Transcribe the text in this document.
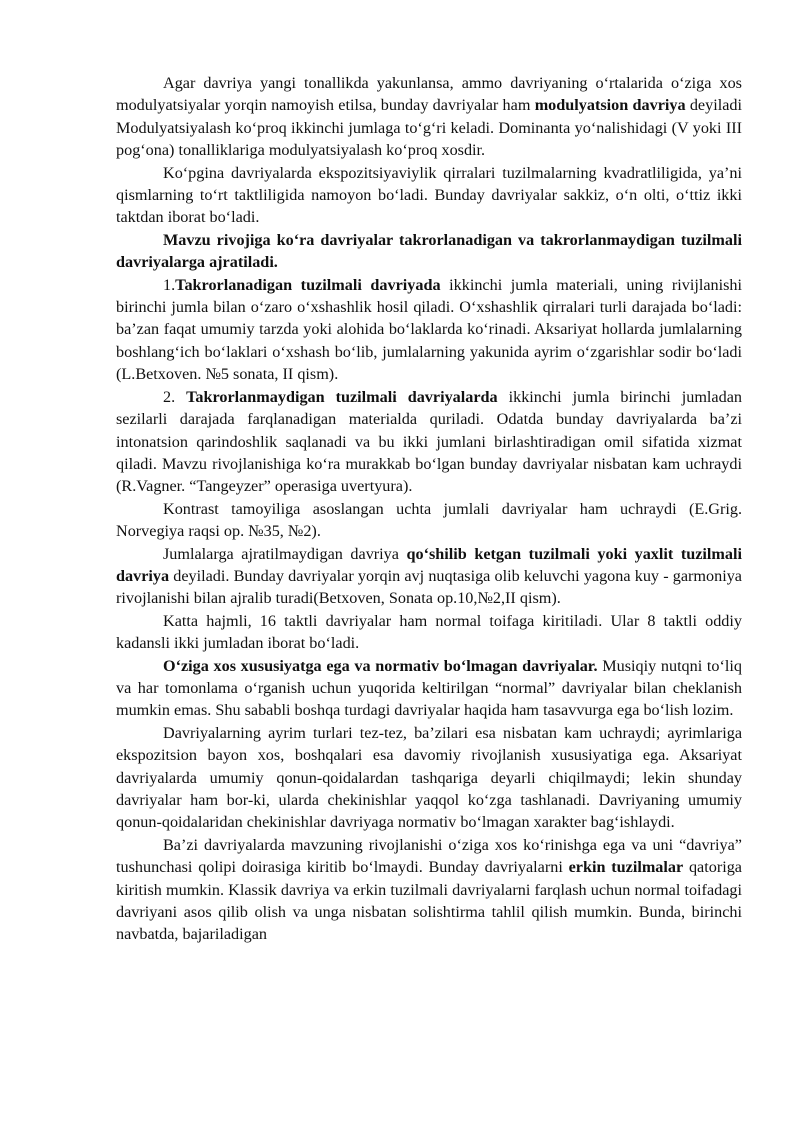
Agar davriya yangi tonallikda yakunlansa, ammo davriyaning o‘rtalarida o‘ziga xos modulyatsiyalar yorqin namoyish etilsa, bunday davriyalar ham modulyatsion davriya deyiladi Modulyatsiyalash ko‘proq ikkinchi jumlaga to‘g‘ri keladi. Dominanta yo‘nalishidagi (V yoki III pog‘ona) tonalliklariga modulyatsiyalash ko‘proq xosdir.

Ko‘pgina davriyalarda ekspozitsiyaviylik qirralari tuzilmalarning kvadratliligida, ya’ni qismlarning to‘rt taktliligida namoyon bo‘ladi. Bunday davriyalar sakkiz, o‘n olti, o‘ttiz ikki taktdan iborat bo‘ladi.

Mavzu rivojiga ko‘ra davriyalar takrorlanadigan va takrorlanmaydigan tuzilmali davriyalarga ajratiladi.

1.Takrorlanadigan tuzilmali davriyada ikkinchi jumla materiali, uning rivijlanishi birinchi jumla bilan o‘zaro o‘xshashlik hosil qiladi. O‘xshashlik qirralari turli darajada bo‘ladi: ba’zan faqat umumiy tarzda yoki alohida bo‘laklarda ko‘rinadi. Aksariyat hollarda jumlalarning boshlang‘ich bo‘laklari o‘xshash bo‘lib, jumlalarning yakunida ayrim o‘zgarishlar sodir bo‘ladi (L.Betxoven. №5 sonata, II qism).

2. Takrorlanmaydigan tuzilmali davriyalarda ikkinchi jumla birinchi jumladan sezilarli darajada farqlanadigan materialda quriladi. Odatda bunday davriyalarda ba’zi intonatsion qarindoshlik saqlanadi va bu ikki jumlani birlashtiradigan omil sifatida xizmat qiladi. Mavzu rivojlanishiga ko‘ra murakkab bo‘lgan bunday davriyalar nisbatan kam uchraydi (R.Vagner. “Tangeyzer” operasiga uvertyura).

Kontrast tamoyiliga asoslangan uchta jumlali davriyalar ham uchraydi (E.Grig. Norvegiya raqsi op. №35, №2).

Jumlalarga ajratilmaydigan davriya qo‘shilib ketgan tuzilmali yoki yaxlit tuzilmali davriya deyiladi. Bunday davriyalar yorqin avj nuqtasiga olib keluvchi yagona kuy - garmoniya rivojlanishi bilan ajralib turadi(Betxoven, Sonata op.10,№2,II qism).

Katta hajmli, 16 taktli davriyalar ham normal toifaga kiritiladi. Ular 8 taktli oddiy kadansli ikki jumladan iborat bo‘ladi.

O‘ziga xos xususiyatga ega va normativ bo‘lmagan davriyalar. Musiqiy nutqni to‘liq va har tomonlama o‘rganish uchun yuqorida keltirilgan “normal” davriyalar bilan cheklanish mumkin emas. Shu sababli boshqa turdagi davriyalar haqida ham tasavvurga ega bo‘lish lozim.

Davriyalarning ayrim turlari tez-tez, ba’zilari esa nisbatan kam uchraydi; ayrimlariga ekspozitsion bayon xos, boshqalari esa davomiy rivojlanish xususiyatiga ega. Aksariyat davriyalarda umumiy qonun-qoidalardan tashqariga deyarli chiqilmaydi; lekin shunday davriyalar ham bor-ki, ularda chekinishlar yaqqol ko‘zga tashlanadi. Davriyaning umumiy qonun-qoidalaridan chekinishlar davriyaga normativ bo‘lmagan xarakter bag‘ishlaydi.

Ba’zi davriyalarda mavzuning rivojlanishi o‘ziga xos ko‘rinishga ega va uni “davriya” tushunchasi qolipi doirasiga kiritib bo‘lmaydi. Bunday davriyalarni erkin tuzilmalar qatoriga kiritish mumkin. Klassik davriya va erkin tuzilmali davriyalarni farqlash uchun normal toifadagi davriyani asos qilib olish va unga nisbatan solishtirma tahlil qilish mumkin. Bunda, birinchi navbatda, bajariladigan
